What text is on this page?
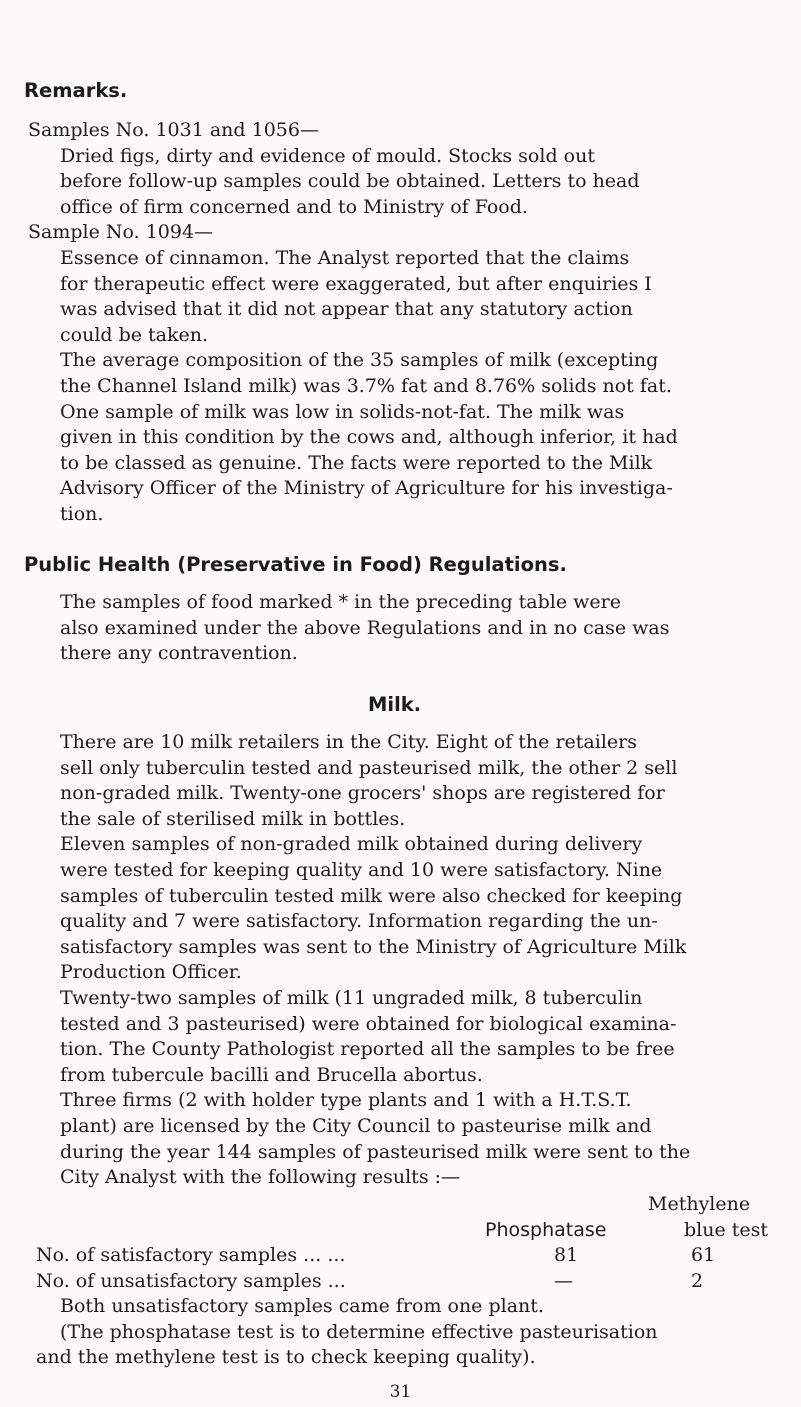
Remarks.

Samples No. 1031 and 1056—

Dried figs, dirty and evidence of mould. Stocks sold out

before follow-up samples could be obtained. Letters to head

office of firm concerned and to Ministry of Food.

Sample No. 1094—

Essence of cinnamon. The Analyst reported that the claims

for therapeutic effect were exaggerated, but after enquiries I

was advised that it did not appear that any statutory action

could be taken.

The average composition of the 35 samples of milk (excepting

the Channel Island milk) was 3.7% fat and 8.76% solids not fat.

One sample of milk was low in solids-not-fat. The milk was

given in this condition by the cows and, although inferior, it had

to be classed as genuine. The facts were reported to the Milk

Advisory Officer of the Ministry of Agriculture for his investiga-

tion.

Public Health (Preservative in Food) Regulations.

The samples of food marked * in the preceding table were

also examined under the above Regulations and in no case was

there any contravention.

Milk.

There are 10 milk retailers in the City. Eight of the retailers

sell only tuberculin tested and pasteurised milk, the other 2 sell

non-graded milk. Twenty-one grocers' shops are registered for

the sale of sterilised milk in bottles.

Eleven samples of non-graded milk obtained during delivery

were tested for keeping quality and 10 were satisfactory. Nine

samples of tuberculin tested milk were also checked for keeping

quality and 7 were satisfactory. Information regarding the un-

satisfactory samples was sent to the Ministry of Agriculture Milk

Production Officer.

Twenty-two samples of milk (11 ungraded milk, 8 tuberculin

tested and 3 pasteurised) were obtained for biological examina-

tion. The County Pathologist reported all the samples to be free

from tubercule bacilli and Brucella abortus.

Three firms (2 with holder type plants and 1 with a H.T.S.T.

plant) are licensed by the City Council to pasteurise milk and

during the year 144 samples of pasteurised milk were sent to the

City Analyst with the following results :—

Methylene
Phosphatase	blue test
No. of satisfactory samples ... ...	81	61
No. of unsatisfactory samples ...	—	2

Both unsatisfactory samples came from one plant.

(The phosphatase test is to determine effective pasteurisation

and the methylene test is to check keeping quality).

31
